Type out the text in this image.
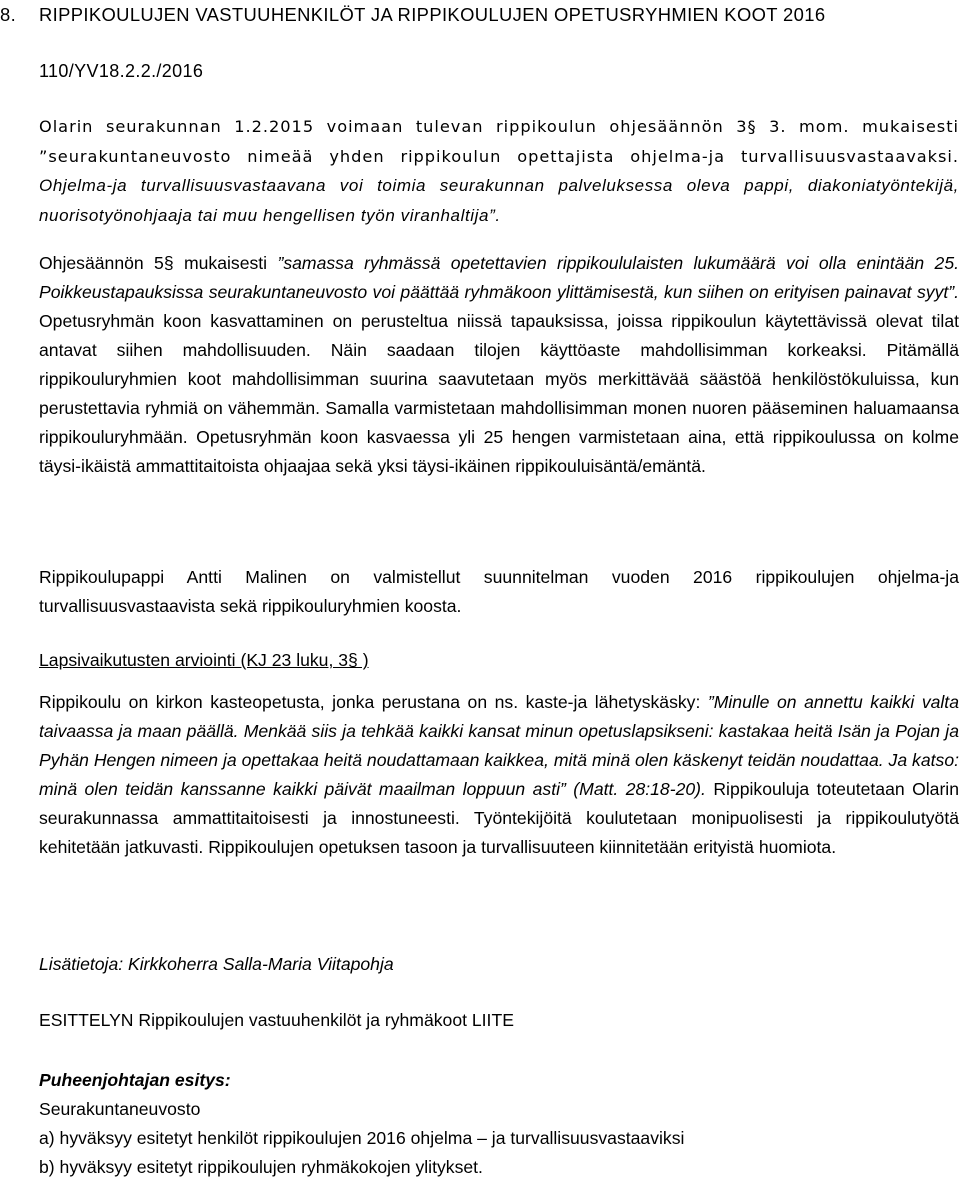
8. RIPPIKOULUJEN VASTUUHENKILÖT JA RIPPIKOULUJEN OPETUSRYHMIEN KOOT 2016
110/YV18.2.2./2016

Olarin seurakunnan 1.2.2015 voimaan tulevan rippikoulun ohjesäännön 3§ 3. mom. mukaisesti ”seurakuntaneuvosto nimeää yhden rippikoulun opettajista ohjelma-ja turvallisuusvastaavaksi. Ohjelma-ja turvallisuusvastaavana voi toimia seurakunnan palveluksessa oleva pappi, diakoniatyöntekijä, nuorisotyönohjaaja tai muu hengellisen työn viranhaltija”.

Ohjesäännön 5§ mukaisesti ”samassa ryhmässä opetettavien rippikoululaisten lukumäärä voi olla enintään 25. Poikkeustapauksissa seurakuntaneuvosto voi päättää ryhmäkoon ylittämisestä, kun siihen on erityisen painavat syyt”. Opetusryhmän koon kasvattaminen on perusteltua niissä tapauksissa, joissa rippikoulun käytettävissä olevat tilat antavat siihen mahdollisuuden. Näin saadaan tilojen käyttöaste mahdollisimman korkeaksi. Pitämällä rippikouluryhmien koot mahdollisimman suurina saavutetaan myös merkittävää säästöä henkilöstökuluissa, kun perustettavia ryhmiä on vähemmän. Samalla varmistetaan mahdollisimman monen nuoren pääseminen haluamaansa rippikouluryhmään. Opetusryhmän koon kasvaessa yli 25 hengen varmistetaan aina, että rippikoulussa on kolme täysi-ikäistä ammattitaitoista ohjaajaa sekä yksi täysi-ikäinen rippikouluisäntä/emäntä.

Rippikoulupappi Antti Malinen on valmistellut suunnitelman vuoden 2016 rippikoulujen ohjelma-ja turvallisuusvastaavista sekä rippikouluryhmien koosta.

Lapsivaikutusten arviointi (KJ 23 luku, 3§ )

Rippikoulu on kirkon kasteopetusta, jonka perustana on ns. kaste-ja lähetyskäsky: ”Minulle on annettu kaikki valta taivaassa ja maan päällä. Menkää siis ja tehkää kaikki kansat minun opetuslapsikseni: kastakaa heitä Isän ja Pojan ja Pyhän Hengen nimeen ja opettakaa heitä noudattamaan kaikkea, mitä minä olen käskenyt teidän noudattaa. Ja katso: minä olen teidän kanssanne kaikki päivät maailman loppuun asti” (Matt. 28:18-20). Rippikouluja toteutetaan Olarin seurakunnassa ammattitaitoisesti ja innostuneesti. Työntekijöitä koulutetaan monipuolisesti ja rippikoulutyötä kehitetään jatkuvasti. Rippikoulujen opetuksen tasoon ja turvallisuuteen kiinnitetään erityistä huomiota.

Lisätietoja: Kirkkoherra Salla-Maria Viitapohja

ESITTELYN Rippikoulujen vastuuhenkilöt ja ryhmäkoot LIITE

Puheenjohtajan esitys:
Seurakuntaneuvosto
a) hyväksyy esitetyt henkilöt rippikoulujen 2016 ohjelma – ja turvallisuusvastaaviksi
b) hyväksyy esitetyt rippikoulujen ryhmäkokojen ylitykset.
